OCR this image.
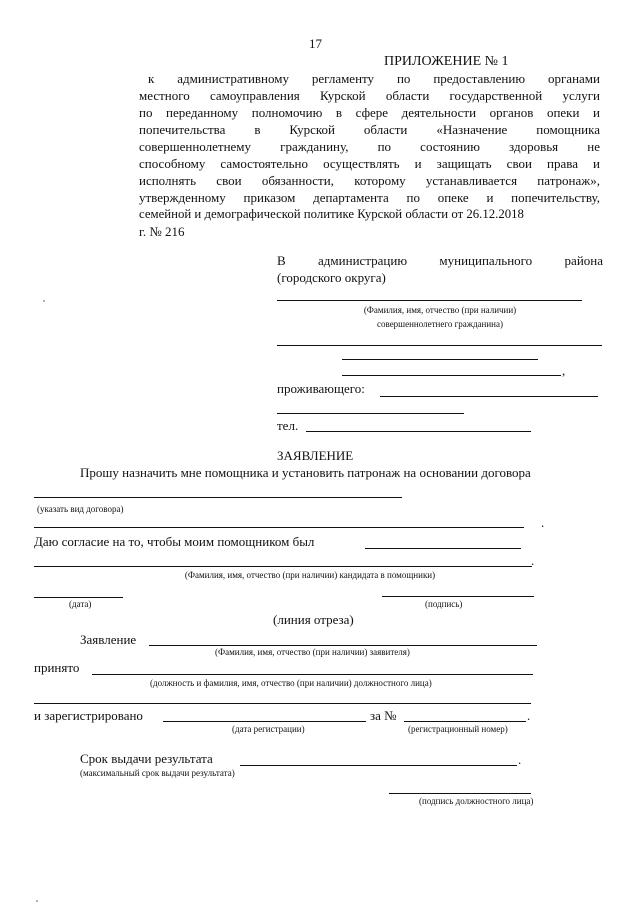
17
ПРИЛОЖЕНИЕ № 1
к административному регламенту по предоставлению органами
местного самоуправления Курской области государственной услуги
по переданному полномочию в сфере деятельности органов опеки и
попечительства в Курской области «Назначение помощника
совершеннолетнему гражданину, по состоянию здоровья не
способному самостоятельно осуществлять и защищать свои права и
исполнять свои обязанности, которому устанавливается патронаж»,
утвержденному приказом департамента по опеке и попечительству,
семейной и демографической политике Курской области от 26.12.2018
г. № 216
В администрацию муниципального района
(городского округа)
(Фамилия, имя, отчество (при наличии)
совершеннолетнего гражданина)
,
проживающего:
тел.
ЗАЯВЛЕНИЕ
Прошу назначить мне помощника и установить патронаж на основании договора
(указать вид договора)
.
Даю согласие на то, чтобы моим помощником был
.
(Фамилия, имя, отчество (при наличии) кандидата в помощники)
(дата)	(подпись)
(линия отреза)
Заявление
(Фамилия, имя, отчество (при наличии) заявителя)
принято
(должность и фамилия, имя, отчество (при наличии) должностного лица)
и зарегистрировано
(дата регистрации)
за №	.
(регистрационный номер)
Срок выдачи результата	.
(максимальный срок выдачи результата)
(подпись должностного лица)
